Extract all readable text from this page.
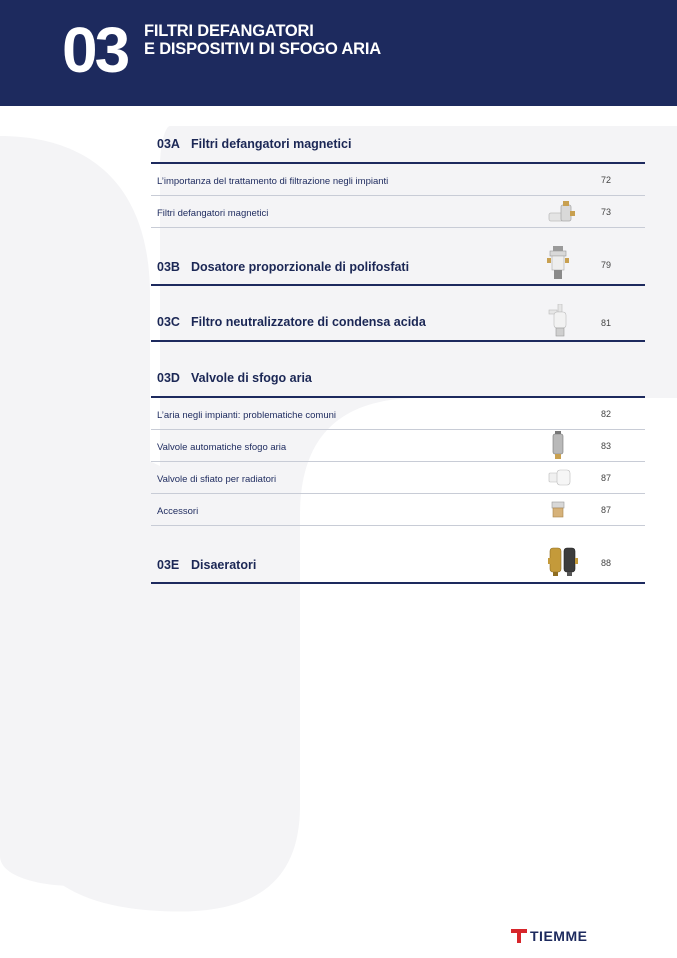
03 FILTRI DEFANGATORI
E DISPOSITIVI DI SFOGO ARIA
03A Filtri defangatori magnetici
L’importanza del trattamento di filtrazione negli impianti	72
Filtri defangatori magnetici	73
03B Dosatore proporzionale di polifosfati	79
03C Filtro neutralizzatore di condensa acida	81
03D Valvole di sfogo aria
L’aria negli impianti: problematiche comuni	82
Valvole automatiche sfogo aria	83
Valvole di sfiato per radiatori	87
Accessori	87
03E Disaeratori	88
TIEMME
